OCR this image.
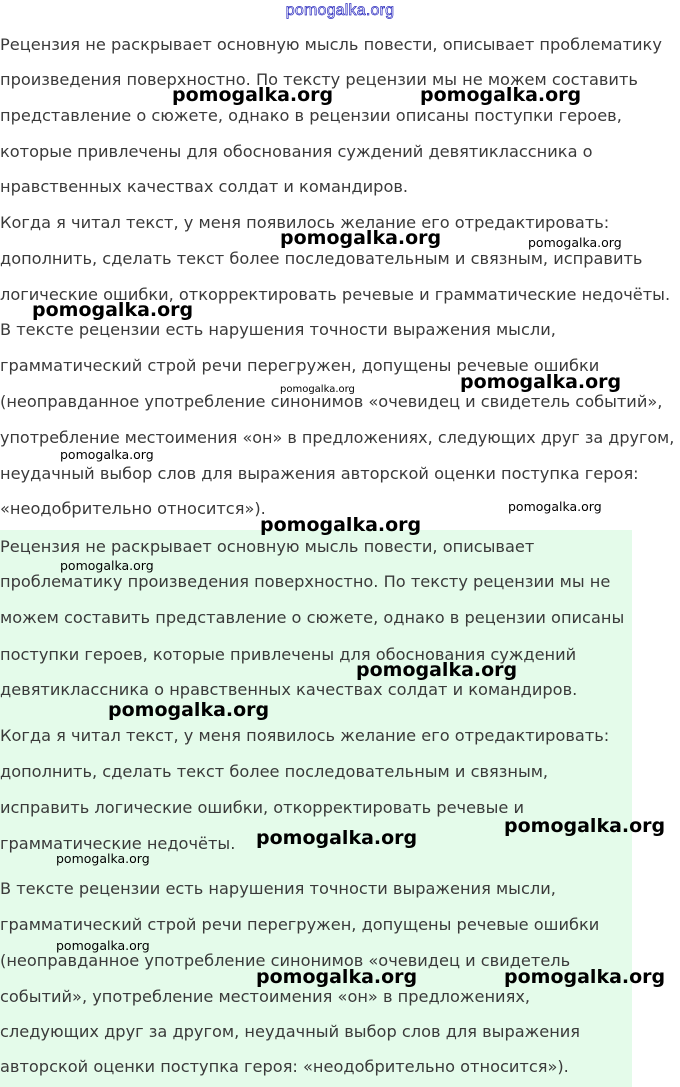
pomogalka.org
Рецензия не раскрывает основную мысль повести, описывает проблематику
произведения поверхностно. По тексту рецензии мы не можем составить
представление о сюжете, однако в рецензии описаны поступки героев,
которые привлечены для обоснования суждений девятиклассника о
нравственных качествах солдат и командиров.
Когда я читал текст, у меня появилось желание его отредактировать:
дополнить, сделать текст более последовательным и связным, исправить
логические ошибки, откорректировать речевые и грамматические недочёты.
В тексте рецензии есть нарушения точности выражения мысли,
грамматический строй речи перегружен, допущены речевые ошибки
(неоправданное употребление синонимов «очевидец и свидетель событий»,
употребление местоимения «он» в предложениях, следующих друг за другом,
неудачный выбор слов для выражения авторской оценки поступка героя:
«неодобрительно относится»).
Рецензия не раскрывает основную мысль повести, описывает
проблематику произведения поверхностно. По тексту рецензии мы не
можем составить представление о сюжете, однако в рецензии описаны
поступки героев, которые привлечены для обоснования суждений
девятиклассника о нравственных качествах солдат и командиров.
Когда я читал текст, у меня появилось желание его отредактировать:
дополнить, сделать текст более последовательным и связным,
исправить логические ошибки, откорректировать речевые и
грамматические недочёты.
В тексте рецензии есть нарушения точности выражения мысли,
грамматический строй речи перегружен, допущены речевые ошибки
(неоправданное употребление синонимов «очевидец и свидетель
событий», употребление местоимения «он» в предложениях,
следующих друг за другом, неудачный выбор слов для выражения
авторской оценки поступка героя: «неодобрительно относится»).
pomogalka.org	pomogalka.org
pomogalka.org	pomogalka.org
pomogalka.org
pomogalka.org	pomogalka.org
pomogalka.org
pomogalka.org
pomogalka.org
pomogalka.org
pomogalka.org
pomogalka.org
pomogalka.org
pomogalka.org
pomogalka.org
pomogalka.org
pomogalka.org	pomogalka.org
